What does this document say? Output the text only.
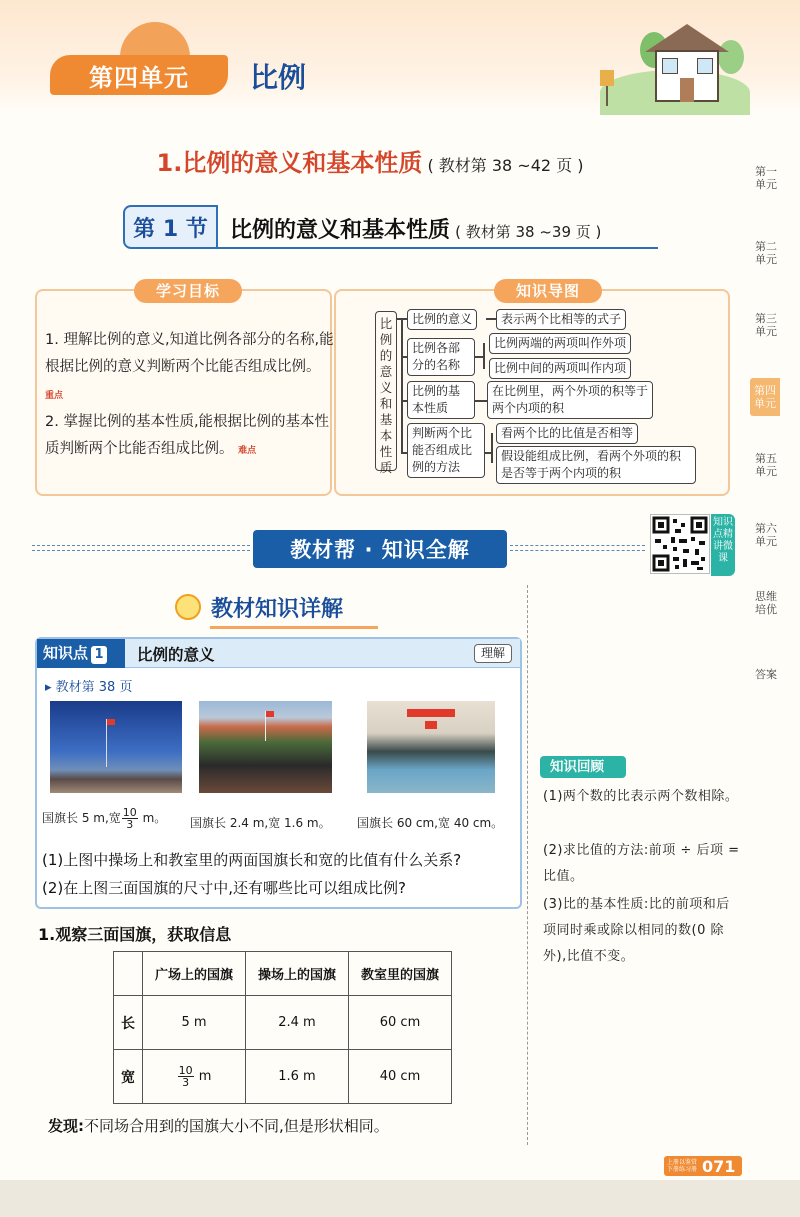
第四单元 比例
1.比例的意义和基本性质 ( 教材第 38 ~42 页 )
第 1 节 比例的意义和基本性质 ( 教材第 38 ~39 页 )
学习目标
1. 理解比例的意义,知道比例各部分的名称,能根据比例的意义判断两个比能否组成比例。 重点
2. 掌握比例的基本性质,能根据比例的基本性质判断两个比能否组成比例。 难点
知识导图
比例的意义和基本性质
比例的意义	表示两个比相等的式子
比例各部分的名称
比例两端的两项叫作外项
比例中间的两项叫作内项
比例的基本性质
在比例里，两个外项的积等于两个内项的积
判断两个比能否组成比例的方法
看两个比的比值是否相等
假设能组成比例，看两个外项的积是否等于两个内项的积
教材帮 · 知识全解
知识点精讲微课
教材知识详解
知识点 1	比例的意义	理解
▸ 教材第 38 页
国旗长 5 m,宽 $\frac{10}{3}$ m。 国旗长 2.4 m,宽 1.6 m。 国旗长 60 cm,宽 40 cm。
(1)上图中操场上和教室里的两面国旗长和宽的比值有什么关系?
(2)在上图三面国旗的尺寸中,还有哪些比可以组成比例?
知识回顾
(1)两个数的比表示两个数相除。
(2)求比值的方法:前项 ÷ 后项 = 比值。
(3)比的基本性质:比的前项和后项同时乘或除以相同的数(0 除外),比值不变。
1.观察三面国旗，获取信息
	广场上的国旗	操场上的国旗	教室里的国旗
长	5 m	2.4 m	60 cm
宽	$\frac{10}{3}$ m	1.6 m	40 cm
发现:不同场合用到的国旗大小不同,但是形状相同。
第一单元
第二单元
第三单元
第四单元
第五单元
第六单元
思维培优
答案
上册以鉴赏
下册练习册 071
